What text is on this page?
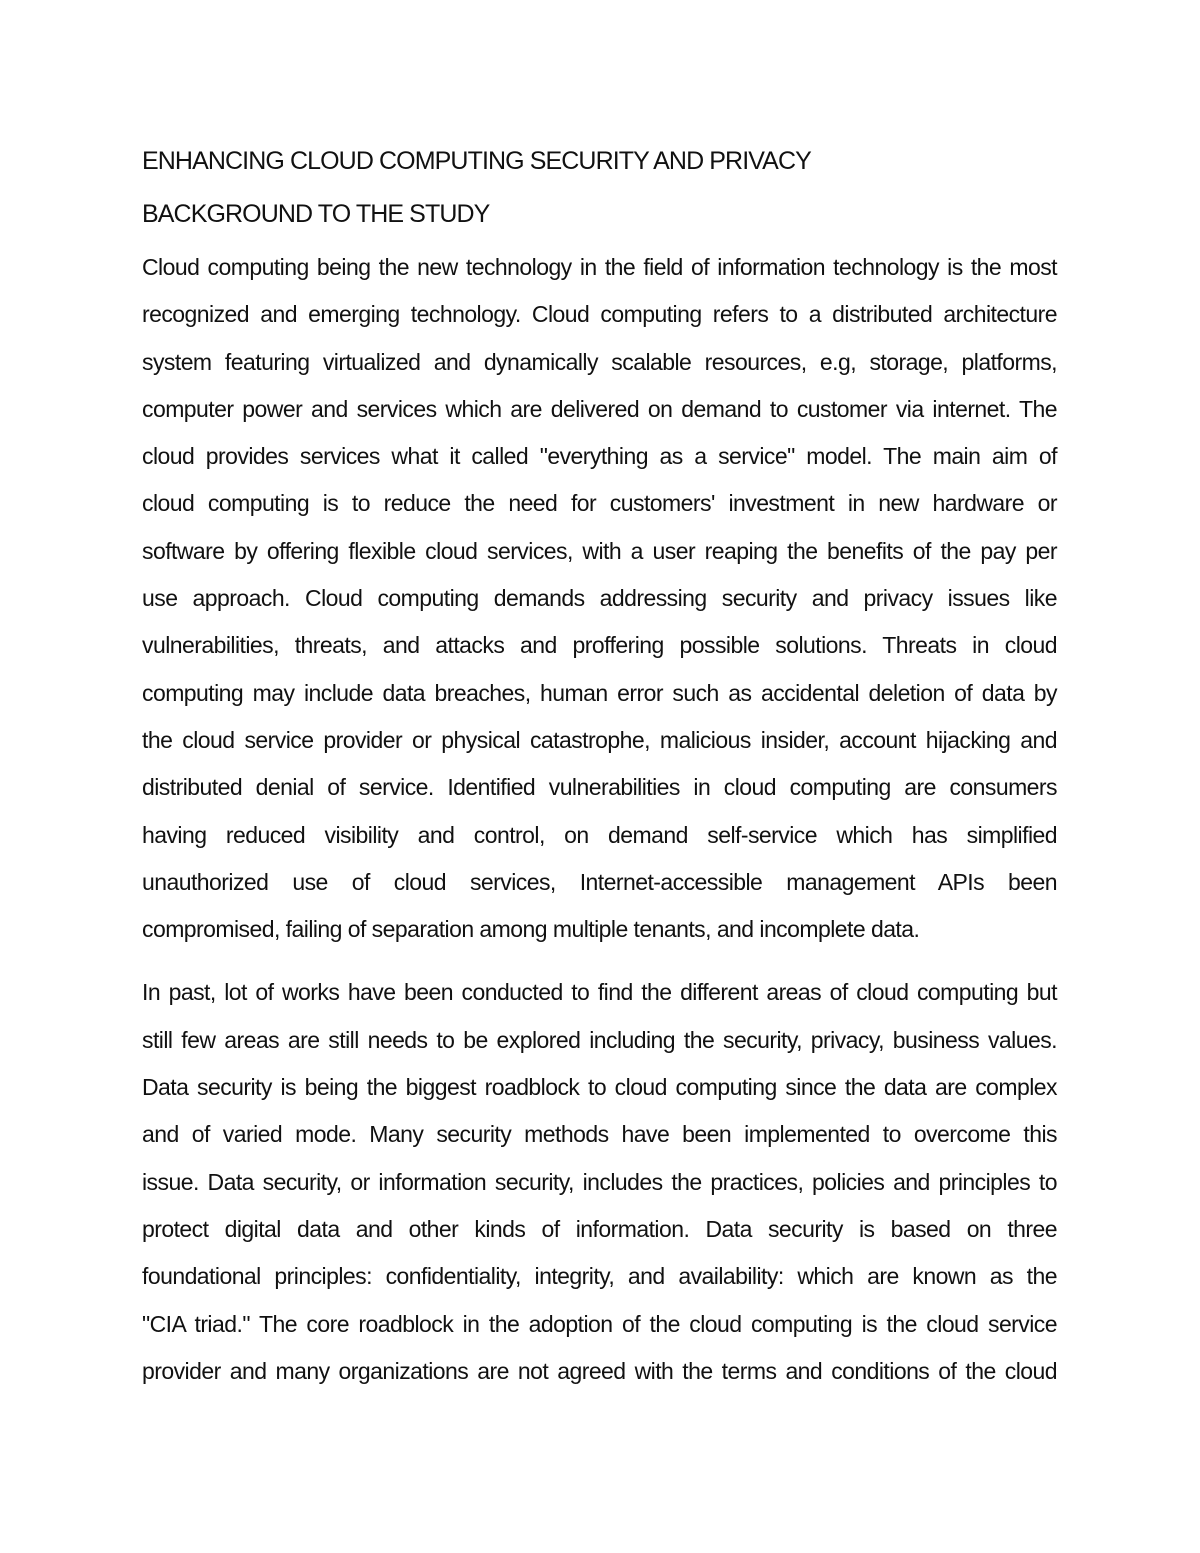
ENHANCING CLOUD COMPUTING SECURITY AND PRIVACY
BACKGROUND TO THE STUDY

Cloud computing being the new technology in the field of information technology is the most
recognized and emerging technology. Cloud computing refers to a distributed architecture
system featuring virtualized and dynamically scalable resources, e.g, storage, platforms,
computer power and services which are delivered on demand to customer via internet. The
cloud provides services what it called "everything as a service" model. The main aim of
cloud computing is to reduce the need for customers' investment in new hardware or
software by offering flexible cloud services, with a user reaping the benefits of the pay per
use approach. Cloud computing demands addressing security and privacy issues like
vulnerabilities, threats, and attacks and proffering possible solutions. Threats in cloud
computing may include data breaches, human error such as accidental deletion of data by
the cloud service provider or physical catastrophe, malicious insider, account hijacking and
distributed denial of service. Identified vulnerabilities in cloud computing are consumers
having reduced visibility and control, on demand self-service which has simplified
unauthorized use of cloud services, Internet-accessible management APIs been
compromised, failing of separation among multiple tenants, and incomplete data.

In past, lot of works have been conducted to find the different areas of cloud computing but
still few areas are still needs to be explored including the security, privacy, business values.
Data security is being the biggest roadblock to cloud computing since the data are complex
and of varied mode. Many security methods have been implemented to overcome this
issue. Data security, or information security, includes the practices, policies and principles to
protect digital data and other kinds of information. Data security is based on three
foundational principles: confidentiality, integrity, and availability: which are known as the
"CIA triad." The core roadblock in the adoption of the cloud computing is the cloud service
provider and many organizations are not agreed with the terms and conditions of the cloud
